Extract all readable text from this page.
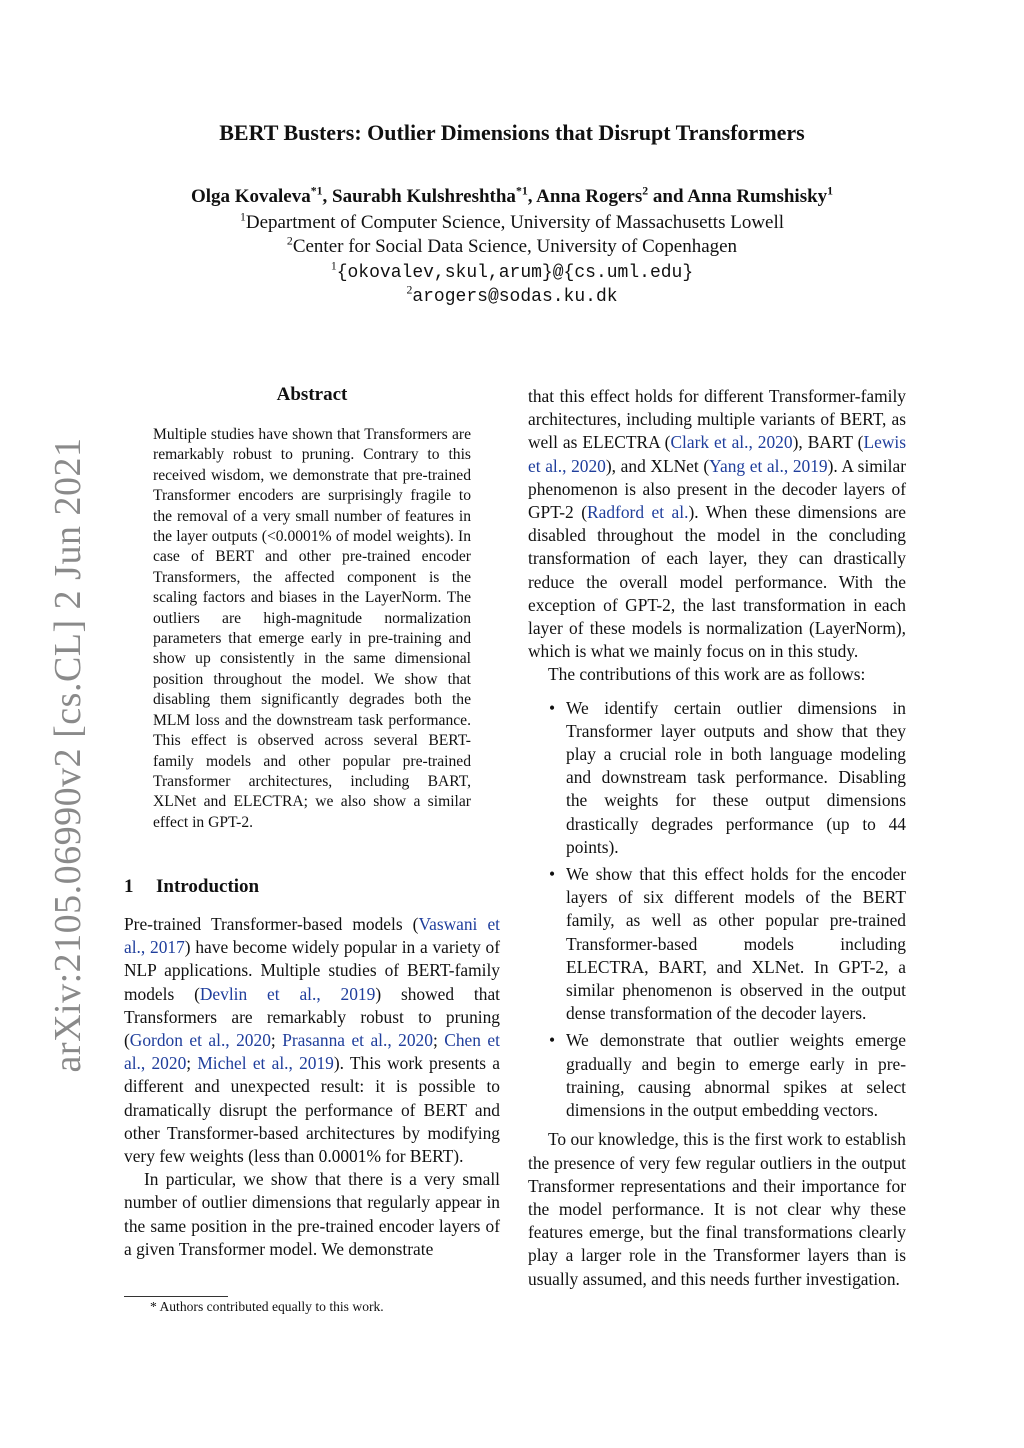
arXiv:2105.06990v2 [cs.CL] 2 Jun 2021
BERT Busters: Outlier Dimensions that Disrupt Transformers
Olga Kovaleva$^{*1}$, Saurabh Kulshreshtha$^{*1}$, Anna Rogers$^2$ and Anna Rumshisky$^1$
$^1$Department of Computer Science, University of Massachusetts Lowell
$^2$Center for Social Data Science, University of Copenhagen
$^1${okovalev,skul,arum}@{cs.uml.edu}
$^2$arogers@sodas.ku.dk
Abstract
Multiple studies have shown that Transformers are remarkably robust to pruning. Contrary to this received wisdom, we demonstrate that pre-trained Transformer encoders are surprisingly fragile to the removal of a very small number of features in the layer outputs (<0.0001% of model weights). In case of BERT and other pre-trained encoder Transformers, the affected component is the scaling factors and biases in the LayerNorm. The outliers are high-magnitude normalization parameters that emerge early in pre-training and show up consistently in the same dimensional position throughout the model. We show that disabling them significantly degrades both the MLM loss and the downstream task performance. This effect is observed across several BERT-family models and other popular pre-trained Transformer architectures, including BART, XLNet and ELECTRA; we also show a similar effect in GPT-2.
1 Introduction

Pre-trained Transformer-based models (Vaswani et al., 2017) have become widely popular in a variety of NLP applications. Multiple studies of BERT-family models (Devlin et al., 2019) showed that Transformers are remarkably robust to pruning (Gordon et al., 2020; Prasanna et al., 2020; Chen et al., 2020; Michel et al., 2019). This work presents a different and unexpected result: it is possible to dramatically disrupt the performance of BERT and other Transformer-based architectures by modifying very few weights (less than 0.0001% for BERT).

In particular, we show that there is a very small number of outlier dimensions that regularly appear in the same position in the pre-trained encoder layers of a given Transformer model. We demonstrate

* Authors contributed equally to this work.

that this effect holds for different Transformer-family architectures, including multiple variants of BERT, as well as ELECTRA (Clark et al., 2020), BART (Lewis et al., 2020), and XLNet (Yang et al., 2019). A similar phenomenon is also present in the decoder layers of GPT-2 (Radford et al.). When these dimensions are disabled throughout the model in the concluding transformation of each layer, they can drastically reduce the overall model performance. With the exception of GPT-2, the last transformation in each layer of these models is normalization (LayerNorm), which is what we mainly focus on in this study.

The contributions of this work are as follows:

• We identify certain outlier dimensions in Transformer layer outputs and show that they play a crucial role in both language modeling and downstream task performance. Disabling the weights for these output dimensions drastically degrades performance (up to 44 points).
• We show that this effect holds for the encoder layers of six different models of the BERT family, as well as other popular pre-trained Transformer-based models including ELECTRA, BART, and XLNet. In GPT-2, a similar phenomenon is observed in the output dense transformation of the decoder layers.
• We demonstrate that outlier weights emerge gradually and begin to emerge early in pre-training, causing abnormal spikes at select dimensions in the output embedding vectors.

To our knowledge, this is the first work to establish the presence of very few regular outliers in the output Transformer representations and their importance for the model performance. It is not clear why these features emerge, but the final transformations clearly play a larger role in the Transformer layers than is usually assumed, and this needs further investigation.
